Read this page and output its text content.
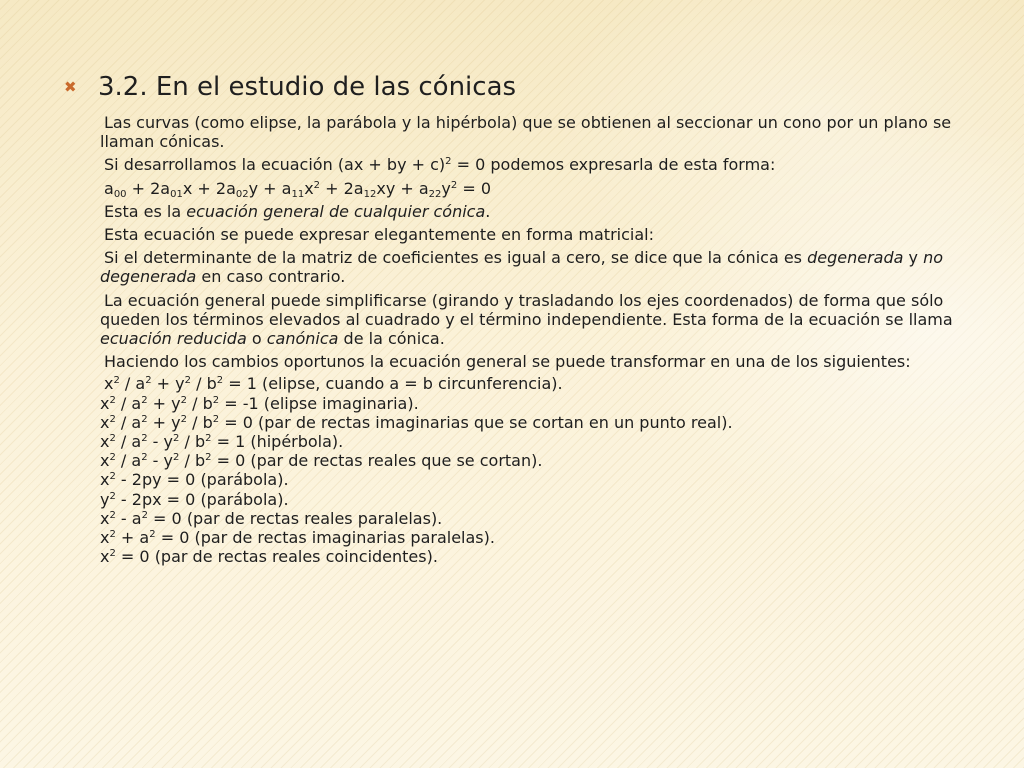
✖ 3.2. En el estudio de las cónicas

Las curvas (como elipse, la parábola y la hipérbola) que se obtienen al seccionar un cono por un plano se llaman cónicas.

Si desarrollamos la ecuación (ax + by + c)$^2$ = 0 podemos expresarla de esta forma:

$a_{00} + 2a_{01}x + 2a_{02}y + a_{11}x^2 + 2a_{12}xy + a_{22}y^2 = 0$

Esta es la ecuación general de cualquier cónica.

Esta ecuación se puede expresar elegantemente en forma matricial:

Si el determinante de la matriz de coeficientes es igual a cero, se dice que la cónica es degenerada y no degenerada en caso contrario.

La ecuación general puede simplificarse (girando y trasladando los ejes coordenados) de forma que sólo queden los términos elevados al cuadrado y el término independiente. Esta forma de la ecuación se llama ecuación reducida o canónica de la cónica.

Haciendo los cambios oportunos la ecuación general se puede transformar en una de los siguientes:

$x^2 / a^2 + y^2 / b^2 = 1$ (elipse, cuando a = b circunferencia).

$x^2 / a^2 + y^2 / b^2 = -1$ (elipse imaginaria).

$x^2 / a^2 + y^2 / b^2 = 0$ (par de rectas imaginarias que se cortan en un punto real).

$x^2 / a^2 - y^2 / b^2 = 1$ (hipérbola).

$x^2 / a^2 - y^2 / b^2 = 0$ (par de rectas reales que se cortan).

$x^2 - 2py = 0$ (parábola).

$y^2 - 2px = 0$ (parábola).

$x^2 - a^2 = 0$ (par de rectas reales paralelas).

$x^2 + a^2 = 0$ (par de rectas imaginarias paralelas).

$x^2 = 0$ (par de rectas reales coincidentes).
